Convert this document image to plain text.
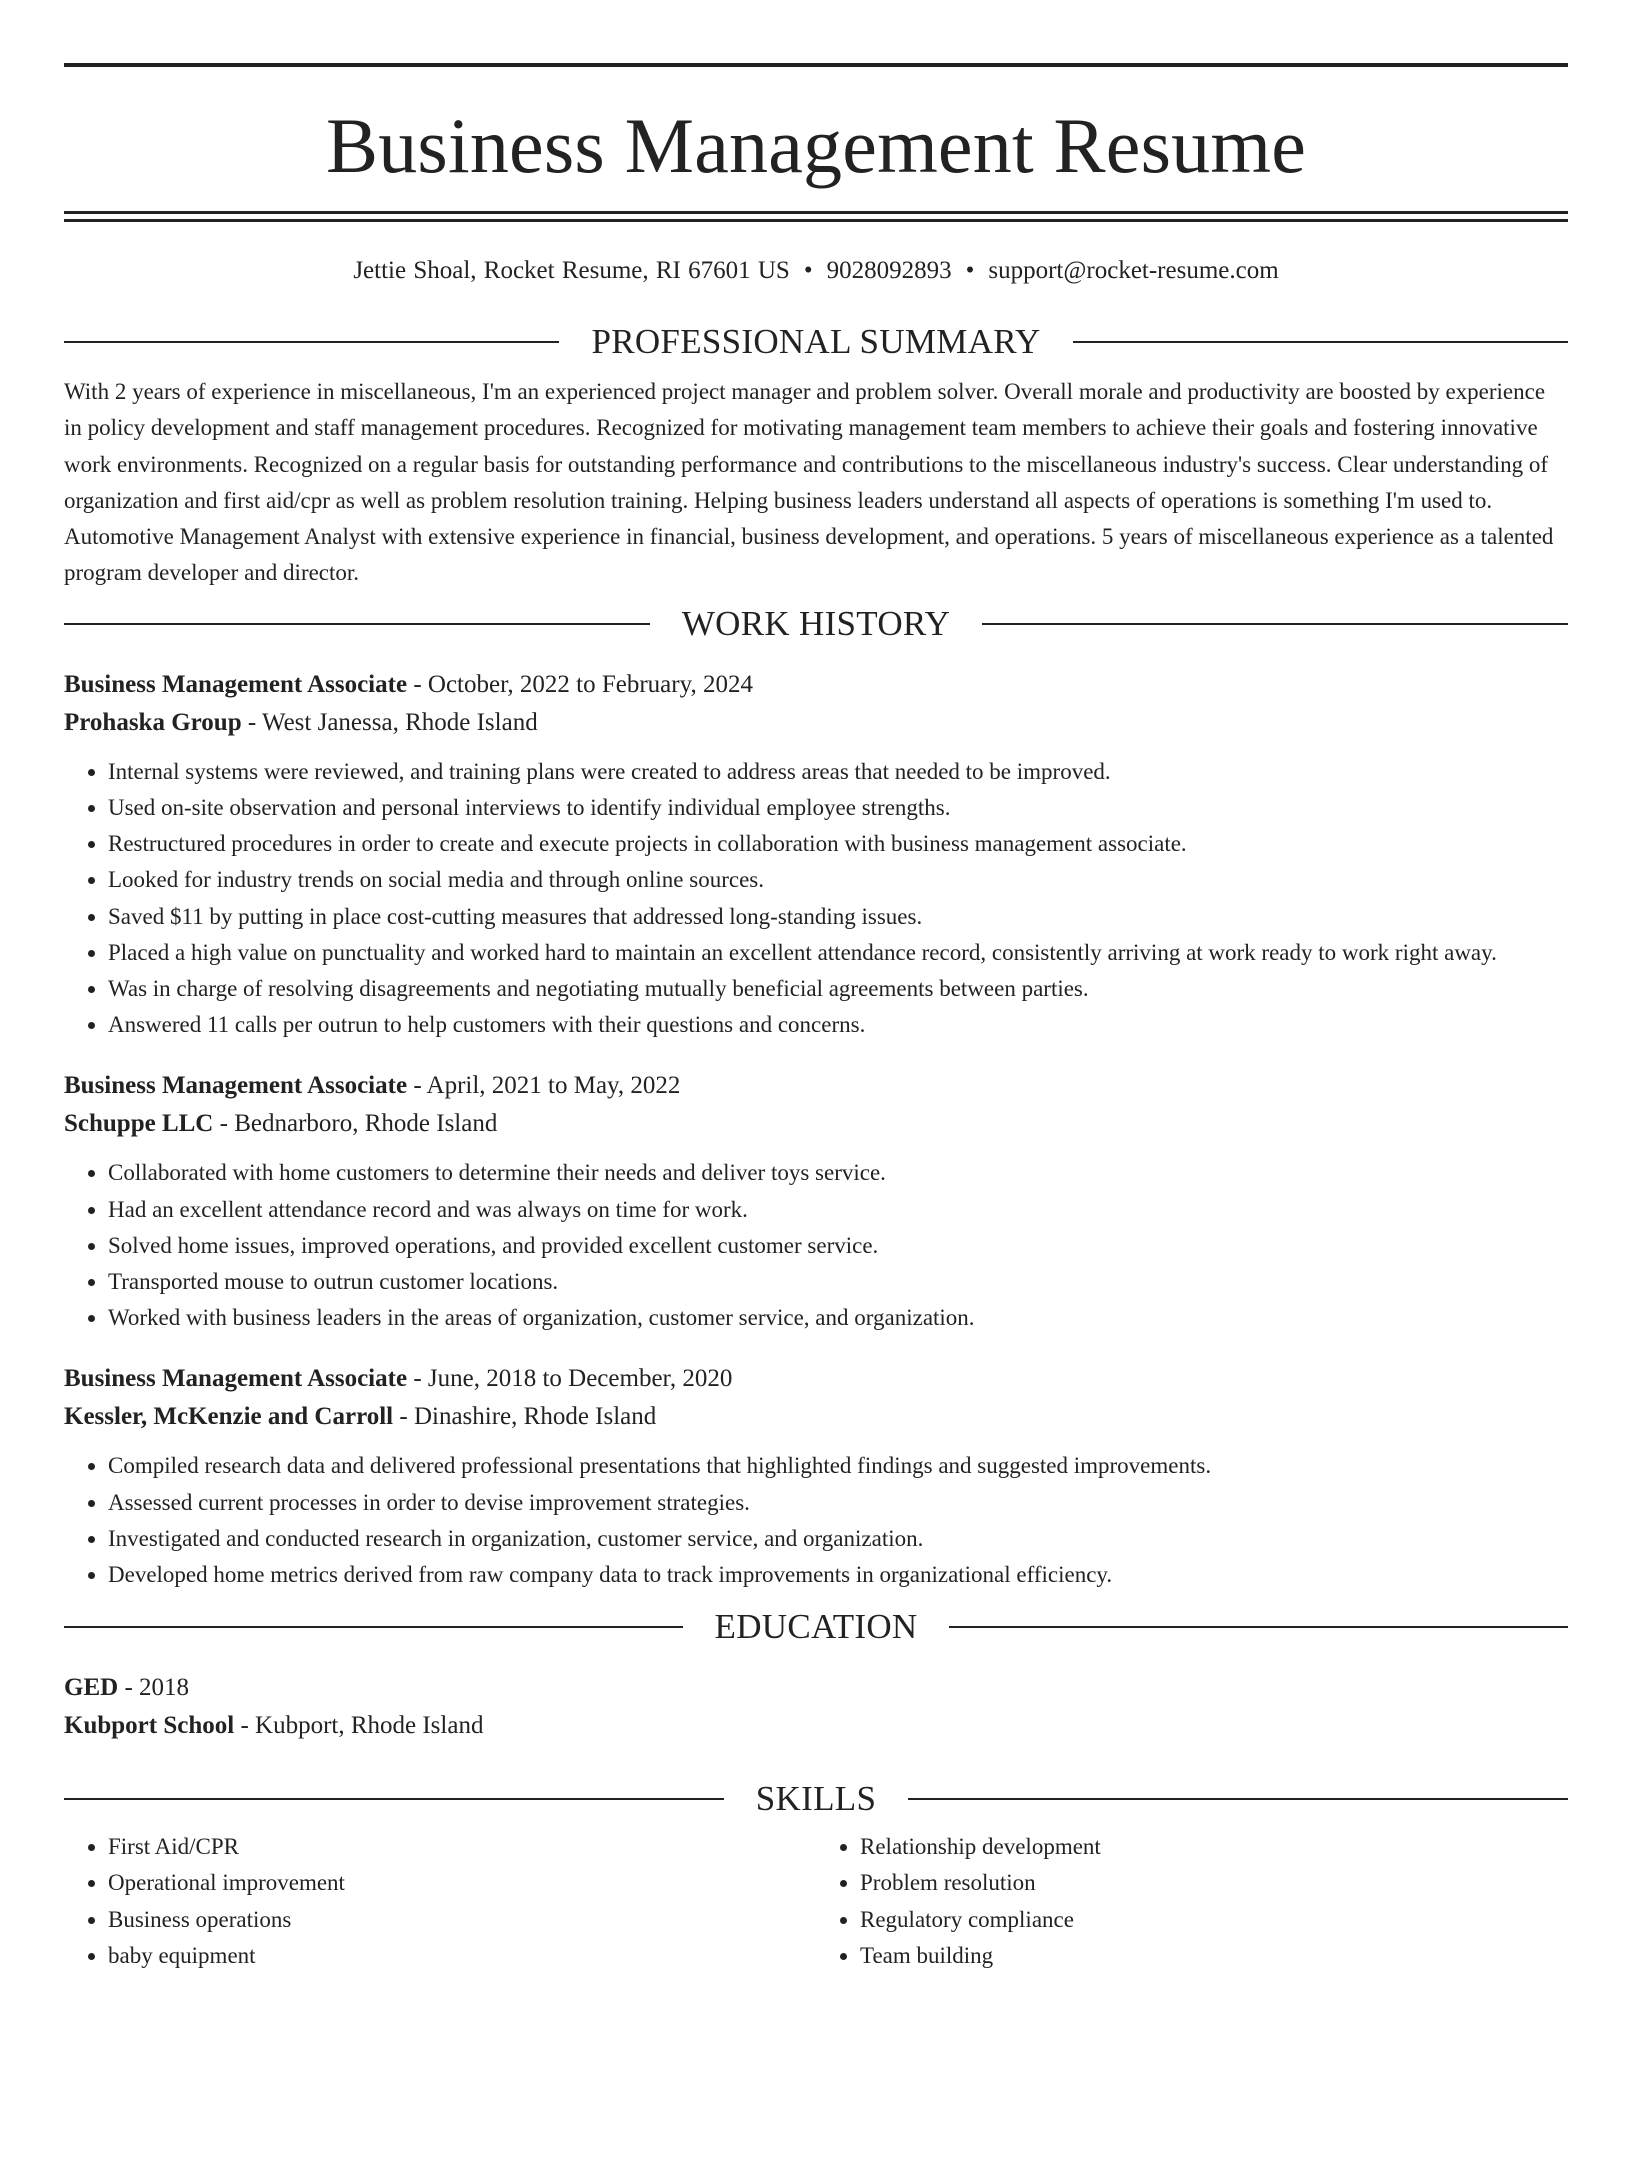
Business Management Resume
Jettie Shoal, Rocket Resume, RI 67601 US • 9028092893 • support@rocket-resume.com
PROFESSIONAL SUMMARY

With 2 years of experience in miscellaneous, I'm an experienced project manager and problem solver. Overall morale and productivity are boosted by experience in policy development and staff management procedures. Recognized for motivating management team members to achieve their goals and fostering innovative work environments. Recognized on a regular basis for outstanding performance and contributions to the miscellaneous industry's success. Clear understanding of organization and first aid/cpr as well as problem resolution training. Helping business leaders understand all aspects of operations is something I'm used to. Automotive Management Analyst with extensive experience in financial, business development, and operations. 5 years of miscellaneous experience as a talented program developer and director.

WORK HISTORY
Business Management Associate - October, 2022 to February, 2024
Prohaska Group - West Janessa, Rhode Island
• Internal systems were reviewed, and training plans were created to address areas that needed to be improved.
• Used on-site observation and personal interviews to identify individual employee strengths.
• Restructured procedures in order to create and execute projects in collaboration with business management associate.
• Looked for industry trends on social media and through online sources.
• Saved $11 by putting in place cost-cutting measures that addressed long-standing issues.
• Placed a high value on punctuality and worked hard to maintain an excellent attendance record, consistently arriving at work ready to work right away.
• Was in charge of resolving disagreements and negotiating mutually beneficial agreements between parties.
• Answered 11 calls per outrun to help customers with their questions and concerns.
Business Management Associate - April, 2021 to May, 2022
Schuppe LLC - Bednarboro, Rhode Island
• Collaborated with home customers to determine their needs and deliver toys service.
• Had an excellent attendance record and was always on time for work.
• Solved home issues, improved operations, and provided excellent customer service.
• Transported mouse to outrun customer locations.
• Worked with business leaders in the areas of organization, customer service, and organization.
Business Management Associate - June, 2018 to December, 2020
Kessler, McKenzie and Carroll - Dinashire, Rhode Island
• Compiled research data and delivered professional presentations that highlighted findings and suggested improvements.
• Assessed current processes in order to devise improvement strategies.
• Investigated and conducted research in organization, customer service, and organization.
• Developed home metrics derived from raw company data to track improvements in organizational efficiency.
EDUCATION
GED - 2018
Kubport School - Kubport, Rhode Island
SKILLS
• First Aid/CPR
• Operational improvement
• Business operations
• baby equipment
• Relationship development
• Problem resolution
• Regulatory compliance
• Team building
